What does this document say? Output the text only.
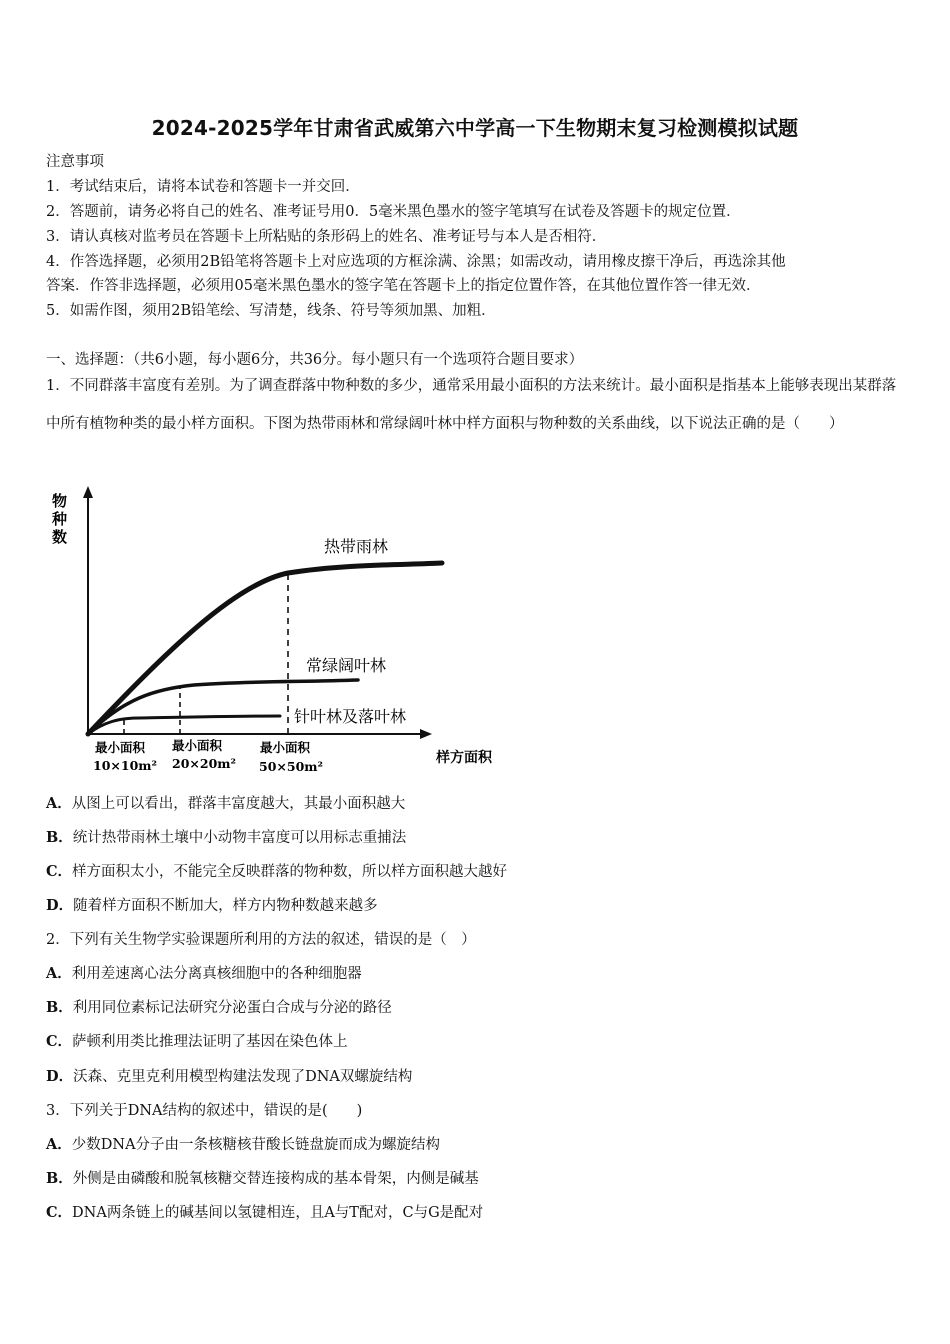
2024-2025学年甘肃省武威第六中学高一下生物期末复习检测模拟试题
注意事项
1．考试结束后，请将本试卷和答题卡一并交回．
2．答题前，请务必将自己的姓名、准考证号用0．5毫米黑色墨水的签字笔填写在试卷及答题卡的规定位置．
3．请认真核对监考员在答题卡上所粘贴的条形码上的姓名、准考证号与本人是否相符．
4．作答选择题，必须用2B铅笔将答题卡上对应选项的方框涂满、涂黑；如需改动，请用橡皮擦干净后，再选涂其他
答案．作答非选择题，必须用05毫米黑色墨水的签字笔在答题卡上的指定位置作答，在其他位置作答一律无效．
5．如需作图，须用2B铅笔绘、写清楚，线条、符号等须加黑、加粗．
一、选择题：（共6小题，每小题6分，共36分。每小题只有一个选项符合题目要求）
1．不同群落丰富度有差别。为了调查群落中物种数的多少，通常采用最小面积的方法来统计。最小面积是指基本上能够表现出某群落中所有植物种类的最小样方面积。下图为热带雨林和常绿阔叶林中样方面积与物种数的关系曲线，以下说法正确的是（　　）
物
种
数
样方面积
热带雨林
常绿阔叶林
针叶林及落叶林
最小面积
10×10m²
最小面积
20×20m²
最小面积
50×50m²
A．从图上可以看出，群落丰富度越大，其最小面积越大
B．统计热带雨林土壤中小动物丰富度可以用标志重捕法
C．样方面积太小，不能完全反映群落的物种数，所以样方面积越大越好
D．随着样方面积不断加大，样方内物种数越来越多
2．下列有关生物学实验课题所利用的方法的叙述，错误的是（　）
A．利用差速离心法分离真核细胞中的各种细胞器
B．利用同位素标记法研究分泌蛋白合成与分泌的路径
C．萨顿利用类比推理法证明了基因在染色体上
D．沃森、克里克利用模型构建法发现了DNA双螺旋结构
3．下列关于DNA结构的叙述中，错误的是(　　)
A．少数DNA分子由一条核糖核苷酸长链盘旋而成为螺旋结构
B．外侧是由磷酸和脱氧核糖交替连接构成的基本骨架，内侧是碱基
C．DNA两条链上的碱基间以氢键相连，且A与T配对，C与G是配对
